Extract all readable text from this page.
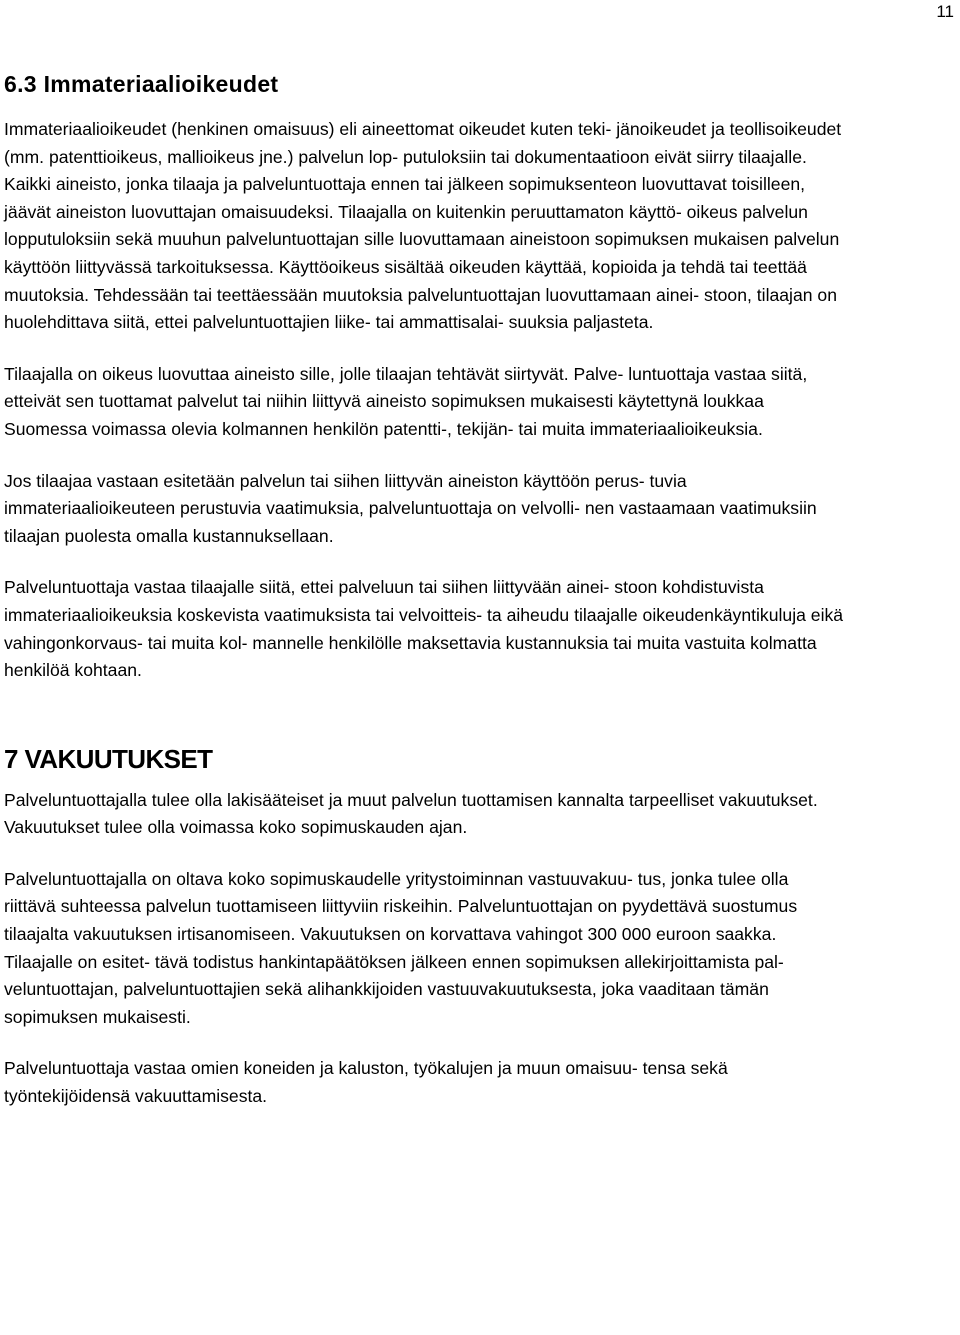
11
6.3 Immateriaalioikeudet

Immateriaalioikeudet (henkinen omaisuus) eli aineettomat oikeudet kuten teki- jänoikeudet ja teollisoikeudet (mm. patenttioikeus, mallioikeus jne.) palvelun lop- putuloksiin tai dokumentaatioon eivät siirry tilaajalle. Kaikki aineisto, jonka tilaaja ja palveluntuottaja ennen tai jälkeen sopimuksenteon luovuttavat toisilleen, jäävät aineiston luovuttajan omaisuudeksi. Tilaajalla on kuitenkin peruuttamaton käyttö- oikeus palvelun lopputuloksiin sekä muuhun palveluntuottajan sille luovuttamaan aineistoon sopimuksen mukaisen palvelun käyttöön liittyvässä tarkoituksessa. Käyttöoikeus sisältää oikeuden käyttää, kopioida ja tehdä tai teettää muutoksia. Tehdessään tai teettäessään muutoksia palveluntuottajan luovuttamaan ainei- stoon, tilaajan on huolehdittava siitä, ettei palveluntuottajien liike- tai ammattisalai- suuksia paljasteta.

Tilaajalla on oikeus luovuttaa aineisto sille, jolle tilaajan tehtävät siirtyvät. Palve- luntuottaja vastaa siitä, etteivät sen tuottamat palvelut tai niihin liittyvä aineisto sopimuksen mukaisesti käytettynä loukkaa Suomessa voimassa olevia kolmannen henkilön patentti-, tekijän- tai muita immateriaalioikeuksia.

Jos tilaajaa vastaan esitetään palvelun tai siihen liittyvän aineiston käyttöön perus- tuvia immateriaalioikeuteen perustuvia vaatimuksia, palveluntuottaja on velvolli- nen vastaamaan vaatimuksiin tilaajan puolesta omalla kustannuksellaan.

Palveluntuottaja vastaa tilaajalle siitä, ettei palveluun tai siihen liittyvään ainei- stoon kohdistuvista immateriaalioikeuksia koskevista vaatimuksista tai velvoitteis- ta aiheudu tilaajalle oikeudenkäyntikuluja eikä vahingonkorvaus- tai muita kol- mannelle henkilölle maksettavia kustannuksia tai muita vastuita kolmatta henkilöä kohtaan.

7 VAKUUTUKSET

Palveluntuottajalla tulee olla lakisääteiset ja muut palvelun tuottamisen kannalta tarpeelliset vakuutukset. Vakuutukset tulee olla voimassa koko sopimuskauden ajan.

Palveluntuottajalla on oltava koko sopimuskaudelle yritystoiminnan vastuuvakuu- tus, jonka tulee olla riittävä suhteessa palvelun tuottamiseen liittyviin riskeihin. Palveluntuottajan on pyydettävä suostumus tilaajalta vakuutuksen irtisanomiseen. Vakuutuksen on korvattava vahingot 300 000 euroon saakka. Tilaajalle on esitet- tävä todistus hankintapäätöksen jälkeen ennen sopimuksen allekirjoittamista pal- veluntuottajan, palveluntuottajien sekä alihankkijoiden vastuuvakuutuksesta, joka vaaditaan tämän sopimuksen mukaisesti.

Palveluntuottaja vastaa omien koneiden ja kaluston, työkalujen ja muun omaisuu- tensa sekä työntekijöidensä vakuuttamisesta.
